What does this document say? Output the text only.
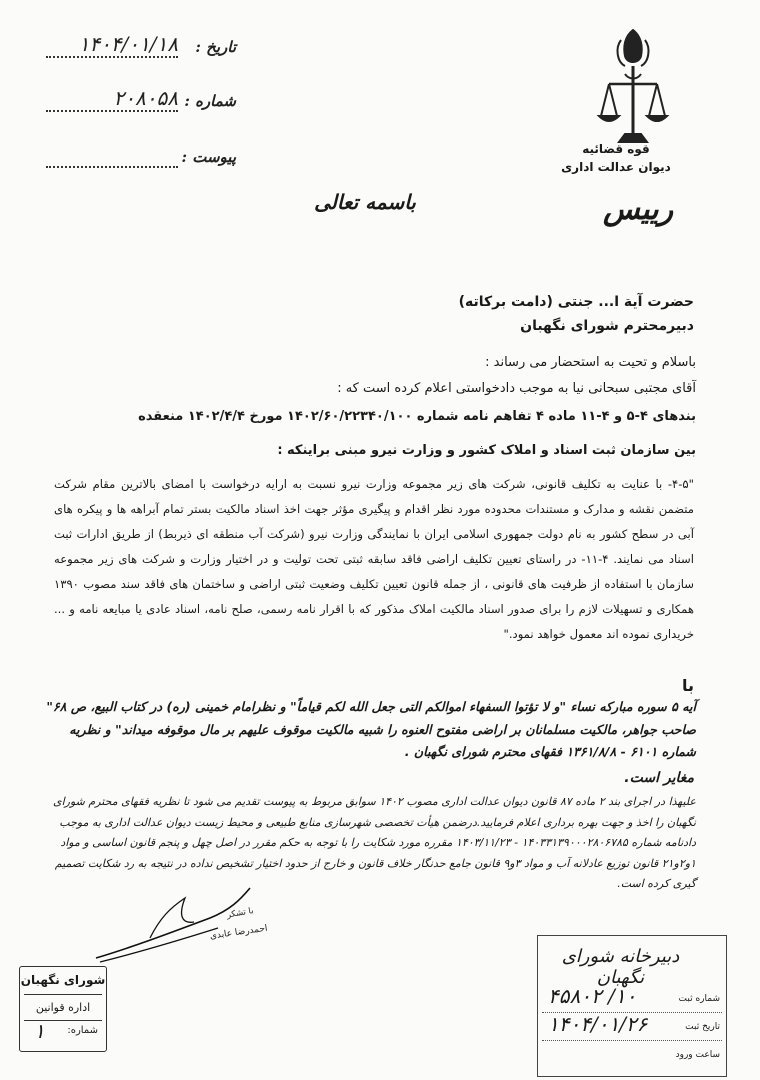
تاریخ :
۱۴۰۴/۰۱/۱۸
شماره :
۲۰۸۰۵۸
پیوست :	قوه قضائیه
دیوان عدالت اداری
رییس
باسمه تعالی
حضرت آیة ا... جنتی (دامت برکاته)
دبیرمحترم شورای نگهبان
باسلام و تحیت به استحضار می رساند :
آقای مجتبی سبحانی نیا به موجب دادخواستی اعلام کرده است که :
بندهای ۴-۵ و ۴-۱۱ ماده ۴ تفاهم نامه شماره ۱۴۰۲/۶۰/۲۲۳۴۰/۱۰۰ مورخ ۱۴۰۲/۴/۴ منعقده
بین سازمان ثبت اسناد و املاک کشور و وزارت نیرو مبنی براینکه :
"۴-۵- با عنایت به تکلیف قانونی، شرکت های زیر مجموعه وزارت نیرو نسبت به ارایه درخواست با امضای بالاترین مقام شرکت متضمن نقشه و مدارک و مستندات محدوده مورد نظر اقدام و پیگیری مؤثر جهت اخذ اسناد مالکیت بستر تمام آبراهه ها و پیکره های آبی در سطح کشور به نام دولت جمهوری اسلامی ایران با نمایندگی وزارت نیرو (شرکت آب منطقه ای ذیربط) از طریق ادارات ثبت اسناد می نمایند. ۴-۱۱- در راستای تعیین تکلیف اراضی فاقد سابقه ثبتی تحت تولیت و در اختیار وزارت و شرکت های زیر مجموعه سازمان با استفاده از ظرفیت های قانونی ، از جمله قانون تعیین تکلیف وضعیت ثبتی اراضی و ساختمان های فاقد سند مصوب ۱۳۹۰ همکاری و تسهیلات لازم را برای صدور اسناد مالکیت املاک مذکور که با اقرار نامه رسمی، صلح نامه، اسناد عادی یا مبایعه نامه و ... خریداری نموده اند معمول خواهد نمود."
با
آیه ۵ سوره مبارکه نساء "و لا تؤتوا السفهاء اموالکم التی جعل الله لکم قیاماً" و نظرامام خمینی (ره) در کتاب البیع، ص ۶۸" صاحب جواهر، مالکیت مسلمانان بر اراضی مفتوح العنوه را شبیه مالکیت موقوف علیهم بر مال موقوفه میداند" و نظریه شماره ۶۱۰۱ - ۱۳۶۱/۸/۸ فقهای محترم شورای نگهبان .
مغایر است.
علیهذا در اجرای بند ۲ ماده ۸۷ قانون دیوان عدالت اداری مصوب ۱۴۰۲ سوابق مربوط به پیوست تقدیم می شود تا نظریه فقهای محترم شورای نگهبان را اخذ و جهت بهره برداری اعلام فرمایید.درضمن هیأت تخصصی شهرسازی منابع طبیعی و محیط زیست دیوان عدالت اداری به موجب دادنامه شماره ۱۴۰۳۳۱۳۹۰۰۰۲۸۰۶۷۸۵ - ۱۴۰۳/۱۱/۲۳ مقرره مورد شکایت را با توجه به حکم مقرر در اصل چهل و پنجم قانون اساسی و مواد ۱و۲و۲۱ قانون توزیع عادلانه آب و مواد ۳و۹ قانون جامع حدنگار خلاف قانون و خارج از حدود اختیار تشخیص نداده در نتیجه به رد شکایت تصمیم گیری کرده است.
با تشکر
احمدرضا عابدی
شورای نگهبان
اداره قوانین
شماره:
۱
دبیرخانه شورای نگهبان
شماره ثبت
۱۰/ ۴۵۸۰۲
تاریخ ثبت
۱۴۰۴/۰۱/۲۶
ساعت ورود
